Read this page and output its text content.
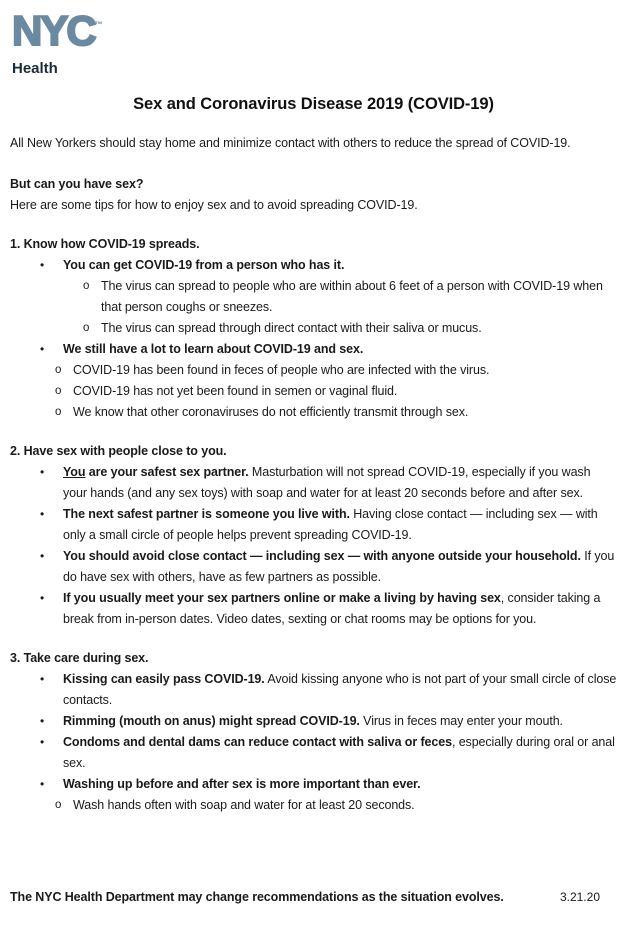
NYC™
Health
Sex and Coronavirus Disease 2019 (COVID-19)

All New Yorkers should stay home and minimize contact with others to reduce the spread of COVID-19.

But can you have sex?

Here are some tips for how to enjoy sex and to avoid spreading COVID-19.

1. Know how COVID-19 spreads.
•	You can get COVID-19 from a person who has it.
o The virus can spread to people who are within about 6 feet of a person with COVID-19 when that person coughs or sneezes.
o The virus can spread through direct contact with their saliva or mucus.
•	We still have a lot to learn about COVID-19 and sex.
o COVID-19 has been found in feces of people who are infected with the virus.
o COVID-19 has not yet been found in semen or vaginal fluid.
o We know that other coronaviruses do not efficiently transmit through sex.
2. Have sex with people close to you.
•	You are your safest sex partner. Masturbation will not spread COVID-19, especially if you wash your hands (and any sex toys) with soap and water for at least 20 seconds before and after sex.
•	The next safest partner is someone you live with. Having close contact — including sex — with only a small circle of people helps prevent spreading COVID-19.
•	You should avoid close contact — including sex — with anyone outside your household. If you do have sex with others, have as few partners as possible.
•	If you usually meet your sex partners online or make a living by having sex, consider taking a break from in-person dates. Video dates, sexting or chat rooms may be options for you.
3. Take care during sex.
•	Kissing can easily pass COVID-19. Avoid kissing anyone who is not part of your small circle of close contacts.
•	Rimming (mouth on anus) might spread COVID-19. Virus in feces may enter your mouth.
•	Condoms and dental dams can reduce contact with saliva or feces, especially during oral or anal sex.
•	Washing up before and after sex is more important than ever.
o Wash hands often with soap and water for at least 20 seconds.
The NYC Health Department may change recommendations as the situation evolves.	3.21.20
